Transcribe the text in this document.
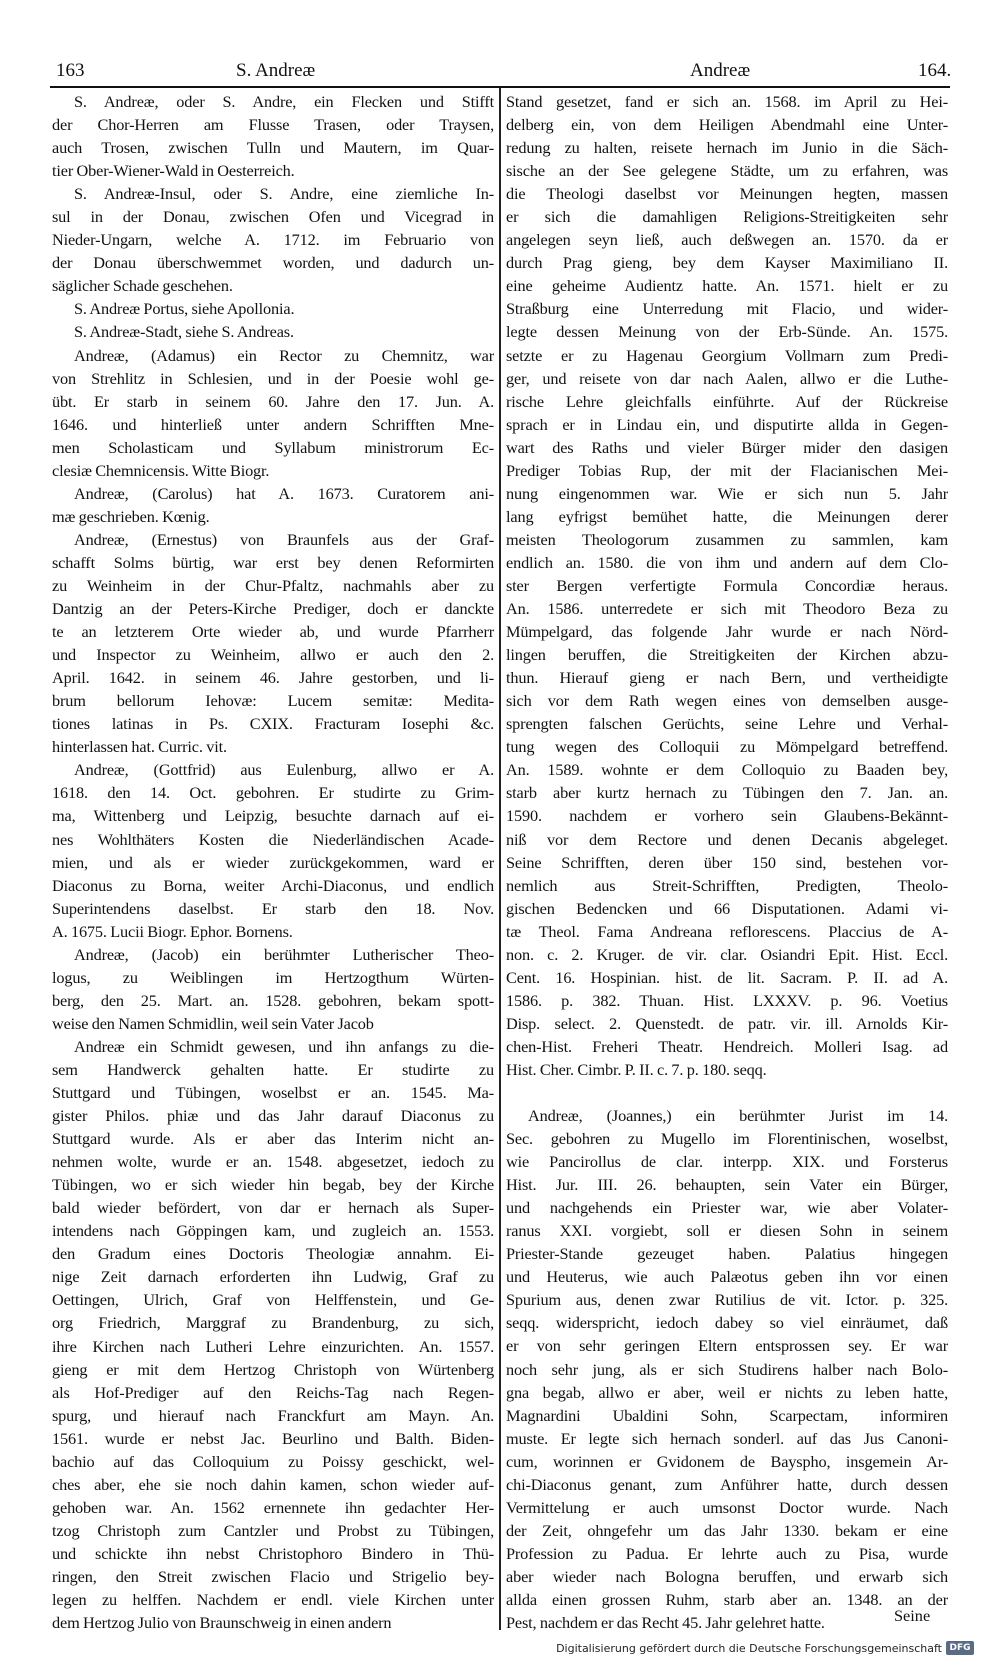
163	S. Andreæ	Andreæ	164.
S. Andreæ, oder S. Andre, ein Flecken und Stifft
der Chor-Herren am Flusse Trasen, oder Traysen,
auch Trosen, zwischen Tulln und Mautern, im Quar-
tier Ober-Wiener-Wald in Oesterreich.
S. Andreæ-Insul, oder S. Andre, eine ziemliche In-
sul in der Donau, zwischen Ofen und Vicegrad in
Nieder-Ungarn, welche A. 1712. im Februario von
der Donau überschwemmet worden, und dadurch un-
säglicher Schade geschehen.
S. Andreæ Portus, siehe Apollonia.
S. Andreæ-Stadt, siehe S. Andreas.
Andreæ, (Adamus) ein Rector zu Chemnitz, war
von Strehlitz in Schlesien, und in der Poesie wohl ge-
übt. Er starb in seinem 60. Jahre den 17. Jun. A.
1646. und hinterließ unter andern Schrifften Mne-
men Scholasticam und Syllabum ministrorum Ec-
clesiæ Chemnicensis. Witte Biogr.
Andreæ, (Carolus) hat A. 1673. Curatorem ani-
mæ geschrieben. Kœnig.
Andreæ, (Ernestus) von Braunfels aus der Graf-
schafft Solms bürtig, war erst bey denen Reformirten
zu Weinheim in der Chur-Pfaltz, nachmahls aber zu
Dantzig an der Peters-Kirche Prediger, doch er danckte
te an letzterem Orte wieder ab, und wurde Pfarrherr
und Inspector zu Weinheim, allwo er auch den 2.
April. 1642. in seinem 46. Jahre gestorben, und li-
brum bellorum Iehovæ: Lucem semitæ: Medita-
tiones latinas in Ps. CXIX. Fracturam Iosephi &c.
hinterlassen hat. Curric. vit.
Andreæ, (Gottfrid) aus Eulenburg, allwo er A.
1618. den 14. Oct. gebohren. Er studirte zu Grim-
ma, Wittenberg und Leipzig, besuchte darnach auf ei-
nes Wohlthäters Kosten die Niederländischen Acade-
mien, und als er wieder zurückgekommen, ward er
Diaconus zu Borna, weiter Archi-Diaconus, und endlich
Superintendens daselbst. Er starb den 18. Nov.
A. 1675. Lucii Biogr. Ephor. Bornens.
Andreæ, (Jacob) ein berühmter Lutherischer Theo-
logus, zu Weiblingen im Hertzogthum Würten-
berg, den 25. Mart. an. 1528. gebohren, bekam spott-
weise den Namen Schmidlin, weil sein Vater Jacob
Andreæ ein Schmidt gewesen, und ihn anfangs zu die-
sem Handwerck gehalten hatte. Er studirte zu
Stuttgard und Tübingen, woselbst er an. 1545. Ma-
gister Philos. phiæ und das Jahr darauf Diaconus zu
Stuttgard wurde. Als er aber das Interim nicht an-
nehmen wolte, wurde er an. 1548. abgesetzet, iedoch zu
Tübingen, wo er sich wieder hin begab, bey der Kirche
bald wieder befördert, von dar er hernach als Super-
intendens nach Göppingen kam, und zugleich an. 1553.
den Gradum eines Doctoris Theologiæ annahm. Ei-
nige Zeit darnach erforderten ihn Ludwig, Graf zu
Oettingen, Ulrich, Graf von Helffenstein, und Ge-
org Friedrich, Marggraf zu Brandenburg, zu sich,
ihre Kirchen nach Lutheri Lehre einzurichten. An. 1557.
gieng er mit dem Hertzog Christoph von Würtenberg
als Hof-Prediger auf den Reichs-Tag nach Regen-
spurg, und hierauf nach Franckfurt am Mayn. An.
1561. wurde er nebst Jac. Beurlino und Balth. Biden-
bachio auf das Colloquium zu Poissy geschickt, wel-
ches aber, ehe sie noch dahin kamen, schon wieder auf-
gehoben war. An. 1562 ernennete ihn gedachter Her-
tzog Christoph zum Cantzler und Probst zu Tübingen,
und schickte ihn nebst Christophoro Bindero in Thü-
ringen, den Streit zwischen Flacio und Strigelio bey-
legen zu helffen. Nachdem er endl. viele Kirchen unter
dem Hertzog Julio von Braunschweig in einen andern
Stand gesetzet, fand er sich an. 1568. im April zu Hei-
delberg ein, von dem Heiligen Abendmahl eine Unter-
redung zu halten, reisete hernach im Junio in die Säch-
sische an der See gelegene Städte, um zu erfahren, was
die Theologi daselbst vor Meinungen hegten, massen
er sich die damahligen Religions-Streitigkeiten sehr
angelegen seyn ließ, auch deßwegen an. 1570. da er
durch Prag gieng, bey dem Kayser Maximiliano II.
eine geheime Audientz hatte. An. 1571. hielt er zu
Straßburg eine Unterredung mit Flacio, und wider-
legte dessen Meinung von der Erb-Sünde. An. 1575.
setzte er zu Hagenau Georgium Vollmarn zum Predi-
ger, und reisete von dar nach Aalen, allwo er die Luthe-
rische Lehre gleichfalls einführte. Auf der Rückreise
sprach er in Lindau ein, und disputirte allda in Gegen-
wart des Raths und vieler Bürger mider den dasigen
Prediger Tobias Rup, der mit der Flacianischen Mei-
nung eingenommen war. Wie er sich nun 5. Jahr
lang eyfrigst bemühet hatte, die Meinungen derer
meisten Theologorum zusammen zu sammlen, kam
endlich an. 1580. die von ihm und andern auf dem Clo-
ster Bergen verfertigte Formula Concordiæ heraus.
An. 1586. unterredete er sich mit Theodoro Beza zu
Mümpelgard, das folgende Jahr wurde er nach Nörd-
lingen beruffen, die Streitigkeiten der Kirchen abzu-
thun. Hierauf gieng er nach Bern, und vertheidigte
sich vor dem Rath wegen eines von demselben ausge-
sprengten falschen Gerüchts, seine Lehre und Verhal-
tung wegen des Colloquii zu Mömpelgard betreffend.
An. 1589. wohnte er dem Colloquio zu Baaden bey,
starb aber kurtz hernach zu Tübingen den 7. Jan. an.
1590. nachdem er vorhero sein Glaubens-Bekännt-
niß vor dem Rectore und denen Decanis abgeleget.
Seine Schrifften, deren über 150 sind, bestehen vor-
nemlich aus Streit-Schrifften, Predigten, Theolo-
gischen Bedencken und 66 Disputationen. Adami vi-
tæ Theol. Fama Andreana reflorescens. Placcius de A-
non. c. 2. Kruger. de vir. clar. Osiandri Epit. Hist. Eccl.
Cent. 16. Hospinian. hist. de lit. Sacram. P. II. ad A.
1586. p. 382. Thuan. Hist. LXXXV. p. 96. Voetius
Disp. select. 2. Quenstedt. de patr. vir. ill. Arnolds Kir-
chen-Hist. Freheri Theatr. Hendreich. Molleri Isag. ad
Hist. Cher. Cimbr. P. II. c. 7. p. 180. seqq.
Andreæ, (Joannes,) ein berühmter Jurist im 14.
Sec. gebohren zu Mugello im Florentinischen, woselbst,
wie Pancirollus de clar. interpp. XIX. und Forsterus
Hist. Jur. III. 26. behaupten, sein Vater ein Bürger,
und nachgehends ein Priester war, wie aber Volater-
ranus XXI. vorgiebt, soll er diesen Sohn in seinem
Priester-Stande gezeuget haben. Palatius hingegen
und Heuterus, wie auch Palæotus geben ihn vor einen
Spurium aus, denen zwar Rutilius de vit. Ictor. p. 325.
seqq. widerspricht, iedoch dabey so viel einräumet, daß
er von sehr geringen Eltern entsprossen sey. Er war
noch sehr jung, als er sich Studirens halber nach Bolo-
gna begab, allwo er aber, weil er nichts zu leben hatte,
Magnardini Ubaldini Sohn, Scarpectam, informiren
muste. Er legte sich hernach sonderl. auf das Jus Canoni-
cum, worinnen er Gvidonem de Bayspho, insgemein Ar-
chi-Diaconus genant, zum Anführer hatte, durch dessen
Vermittelung er auch umsonst Doctor wurde. Nach
der Zeit, ohngefehr um das Jahr 1330. bekam er eine
Profession zu Padua. Er lehrte auch zu Pisa, wurde
aber wieder nach Bologna beruffen, und erwarb sich
allda einen grossen Ruhm, starb aber an. 1348. an der
Pest, nachdem er das Recht 45. Jahr gelehret hatte.	Seine
Digitalisierung gefördert durch die Deutsche Forschungsgemeinschaft DFG
